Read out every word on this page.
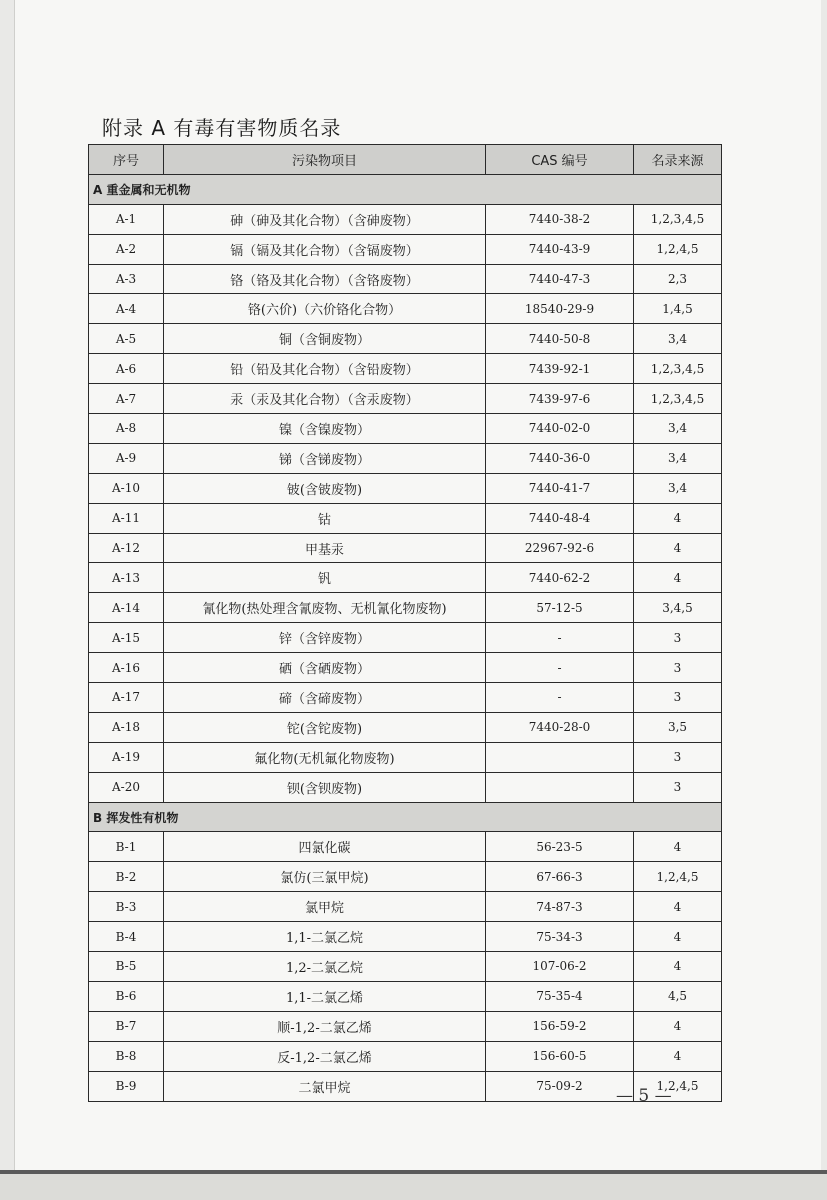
附录 A 有毒有害物质名录
序号	污染物项目	CAS 编号	名录来源
A 重金属和无机物			
A-1	砷（砷及其化合物）（含砷废物）	7440-38-2	1,2,3,4,5
A-2	镉（镉及其化合物）（含镉废物）	7440-43-9	1,2,4,5
A-3	铬（铬及其化合物）（含铬废物）	7440-47-3	2,3
A-4	铬(六价)（六价铬化合物）	18540-29-9	1,4,5
A-5	铜（含铜废物）	7440-50-8	3,4
A-6	铅（铅及其化合物）（含铅废物）	7439-92-1	1,2,3,4,5
A-7	汞（汞及其化合物）（含汞废物）	7439-97-6	1,2,3,4,5
A-8	镍（含镍废物）	7440-02-0	3,4
A-9	锑（含锑废物）	7440-36-0	3,4
A-10	铍(含铍废物)	7440-41-7	3,4
A-11	钴	7440-48-4	4
A-12	甲基汞	22967-92-6	4
A-13	钒	7440-62-2	4
A-14	氰化物(热处理含氰废物、无机氰化物废物)	57-12-5	3,4,5
A-15	锌（含锌废物）	-	3
A-16	硒（含硒废物）	-	3
A-17	碲（含碲废物）	-	3
A-18	铊(含铊废物)	7440-28-0	3,5
A-19	氟化物(无机氟化物废物)		3
A-20	钡(含钡废物)		3
B 挥发性有机物			
B-1	四氯化碳	56-23-5	4
B-2	氯仿(三氯甲烷)	67-66-3	1,2,4,5
B-3	氯甲烷	74-87-3	4
B-4	1,1-二氯乙烷	75-34-3	4
B-5	1,2-二氯乙烷	107-06-2	4
B-6	1,1-二氯乙烯	75-35-4	4,5
B-7	顺-1,2-二氯乙烯	156-59-2	4
B-8	反-1,2-二氯乙烯	156-60-5	4
B-9	二氯甲烷	75-09-2	1,2,4,5
— 5 —
